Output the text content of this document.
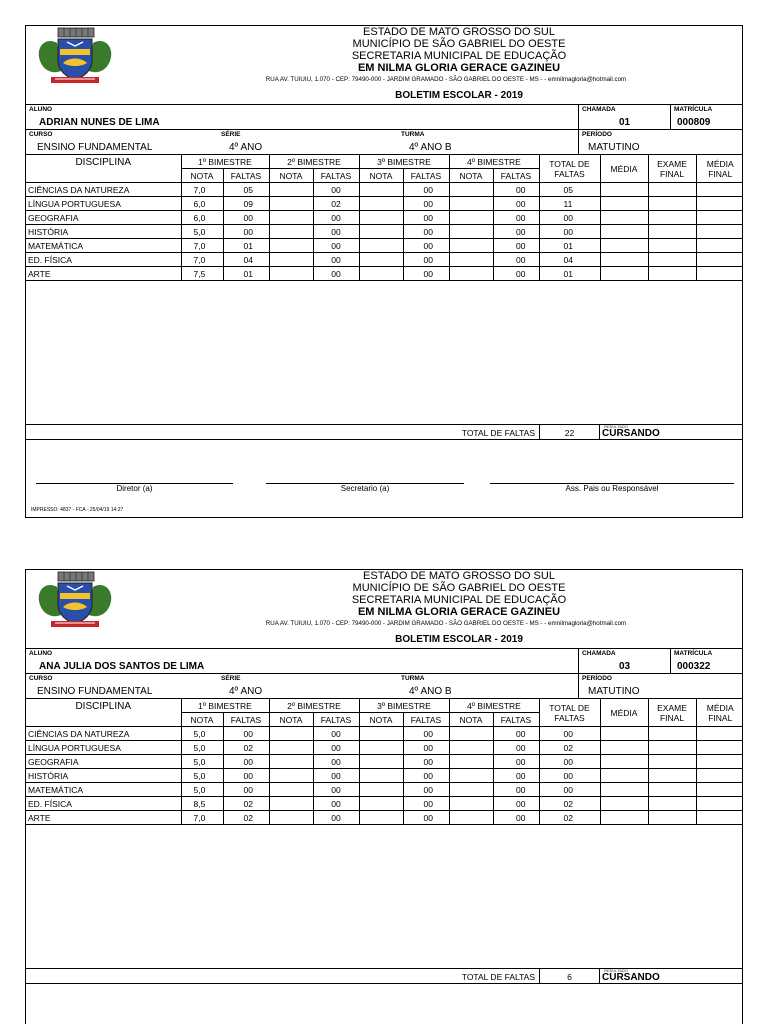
ESTADO DE MATO GROSSO DO SUL
MUNICÍPIO DE SÃO GABRIEL DO OESTE
SECRETARIA MUNICIPAL DE EDUCAÇÃO
EM NILMA GLORIA GERACE GAZINEU
RUA AV. TUIUIU, 1.070 - CEP: 79490-000 - JARDIM GRAMADO - SÃO GABRIEL DO OESTE - MS - - emnilmagloria@hotmail.com
BOLETIM ESCOLAR - 2019
ALUNO
ADRIAN NUNES DE LIMA
CHAMADA
01
MATRÍCULA
000809
CURSO
ENSINO FUNDAMENTAL
SÉRIE
4º ANO
TURMA
4º ANO B
PERÍODO
MATUTINO
DISCIPLINA	1º BIMESTRE		2º BIMESTRE		3º BIMESTRE		4º BIMESTRE		TOTAL DE FALTAS	MÉDIA	EXAME FINAL	MÉDIA FINAL
	NOTA	FALTAS	NOTA	FALTAS	NOTA	FALTAS	NOTA	FALTAS				
CIÊNCIAS DA NATUREZA	7,0	05		00		00		00	05			
LÍNGUA PORTUGUESA	6,0	09		02		00		00	11			
GEOGRAFIA	6,0	00		00		00		00	00			
HISTÓRIA	5,0	00		00		00		00	00			
MATEMÁTICA	7,0	01		00		00		00	01			
ED. FÍSICA	7,0	04		00		00		00	04			
ARTE	7,5	01		00		00		00	01			
TOTAL DE FALTAS	22
RESULTADO
CURSANDO
Diretor (a)	Secretario (a)	Ass. Pais ou Responsável
IMPRESSO: 4837 - FCA - 25/04/19 14:27
ESTADO DE MATO GROSSO DO SUL
MUNICÍPIO DE SÃO GABRIEL DO OESTE
SECRETARIA MUNICIPAL DE EDUCAÇÃO
EM NILMA GLORIA GERACE GAZINEU
RUA AV. TUIUIU, 1.070 - CEP: 79490-000 - JARDIM GRAMADO - SÃO GABRIEL DO OESTE - MS - - emnilmagloria@hotmail.com
BOLETIM ESCOLAR - 2019
ALUNO
ANA JULIA DOS SANTOS DE LIMA
CHAMADA
03
MATRÍCULA
000322
CURSO
ENSINO FUNDAMENTAL
SÉRIE
4º ANO
TURMA
4º ANO B
PERÍODO
MATUTINO
DISCIPLINA	1º BIMESTRE		2º BIMESTRE		3º BIMESTRE		4º BIMESTRE		TOTAL DE FALTAS	MÉDIA	EXAME FINAL	MÉDIA FINAL
	NOTA	FALTAS	NOTA	FALTAS	NOTA	FALTAS	NOTA	FALTAS				
CIÊNCIAS DA NATUREZA	5,0	00		00		00		00	00			
LÍNGUA PORTUGUESA	5,0	02		00		00		00	02			
GEOGRAFIA	5,0	00		00		00		00	00			
HISTÓRIA	5,0	00		00		00		00	00			
MATEMÁTICA	5,0	00		00		00		00	00			
ED. FÍSICA	8,5	02		00		00		00	02			
ARTE	7,0	02		00		00		00	02			
TOTAL DE FALTAS	6
RESULTADO
CURSANDO
